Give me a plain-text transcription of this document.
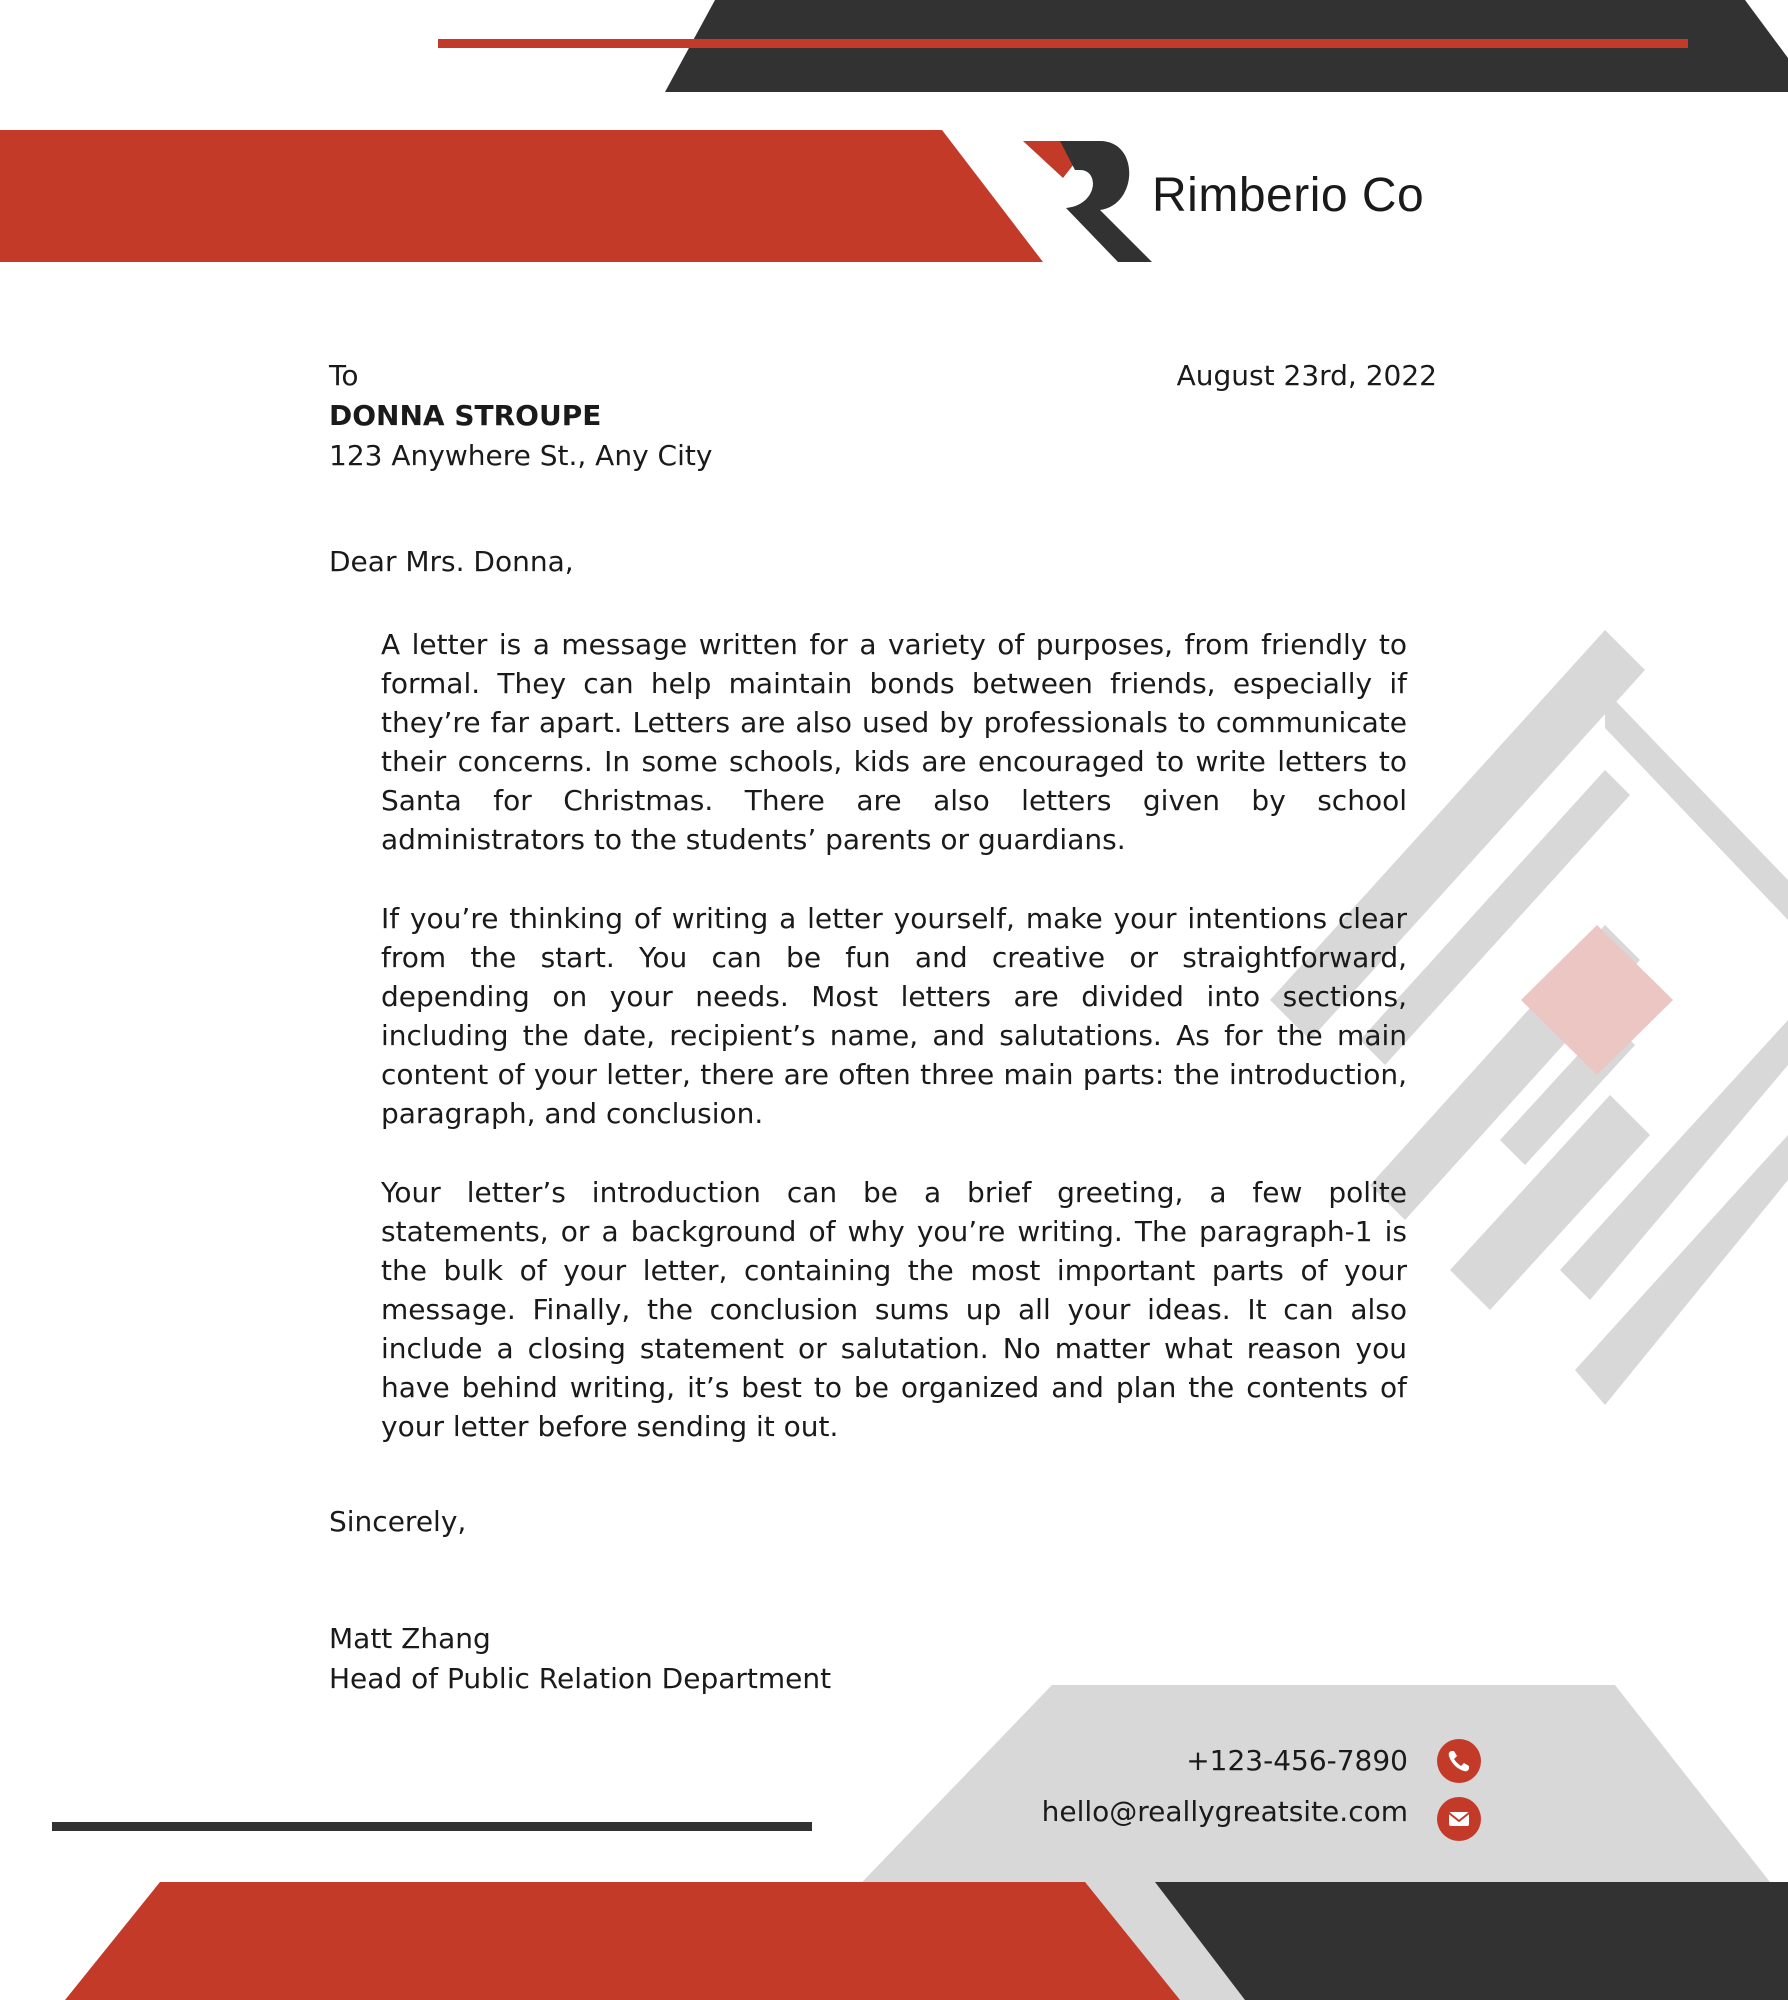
Rimberio Co
To
DONNA STROUPE
123 Anywhere St., Any City
August 23rd, 2022
Dear Mrs. Donna,
A letter is a message written for a variety of purposes, from friendly to formal. They can help maintain bonds between friends, especially if they’re far apart. Letters are also used by professionals to communicate their concerns. In some schools, kids are encouraged to write letters to Santa for Christmas. There are also letters given by school administrators to the students’ parents or guardians.
If you’re thinking of writing a letter yourself, make your intentions clear from the start. You can be fun and creative or straightforward, depending on your needs. Most letters are divided into sections, including the date, recipient’s name, and salutations. As for the main content of your letter, there are often three main parts: the introduction, paragraph, and conclusion.
Your letter’s introduction can be a brief greeting, a few polite statements, or a background of why you’re writing. The paragraph-1 is the bulk of your letter, containing the most important parts of your message. Finally, the conclusion sums up all your ideas. It can also include a closing statement or salutation. No matter what reason you have behind writing, it’s best to be organized and plan the contents of your letter before sending it out.
Sincerely,
Matt Zhang
Head of Public Relation Department
+123-456-7890
hello@reallygreatsite.com
